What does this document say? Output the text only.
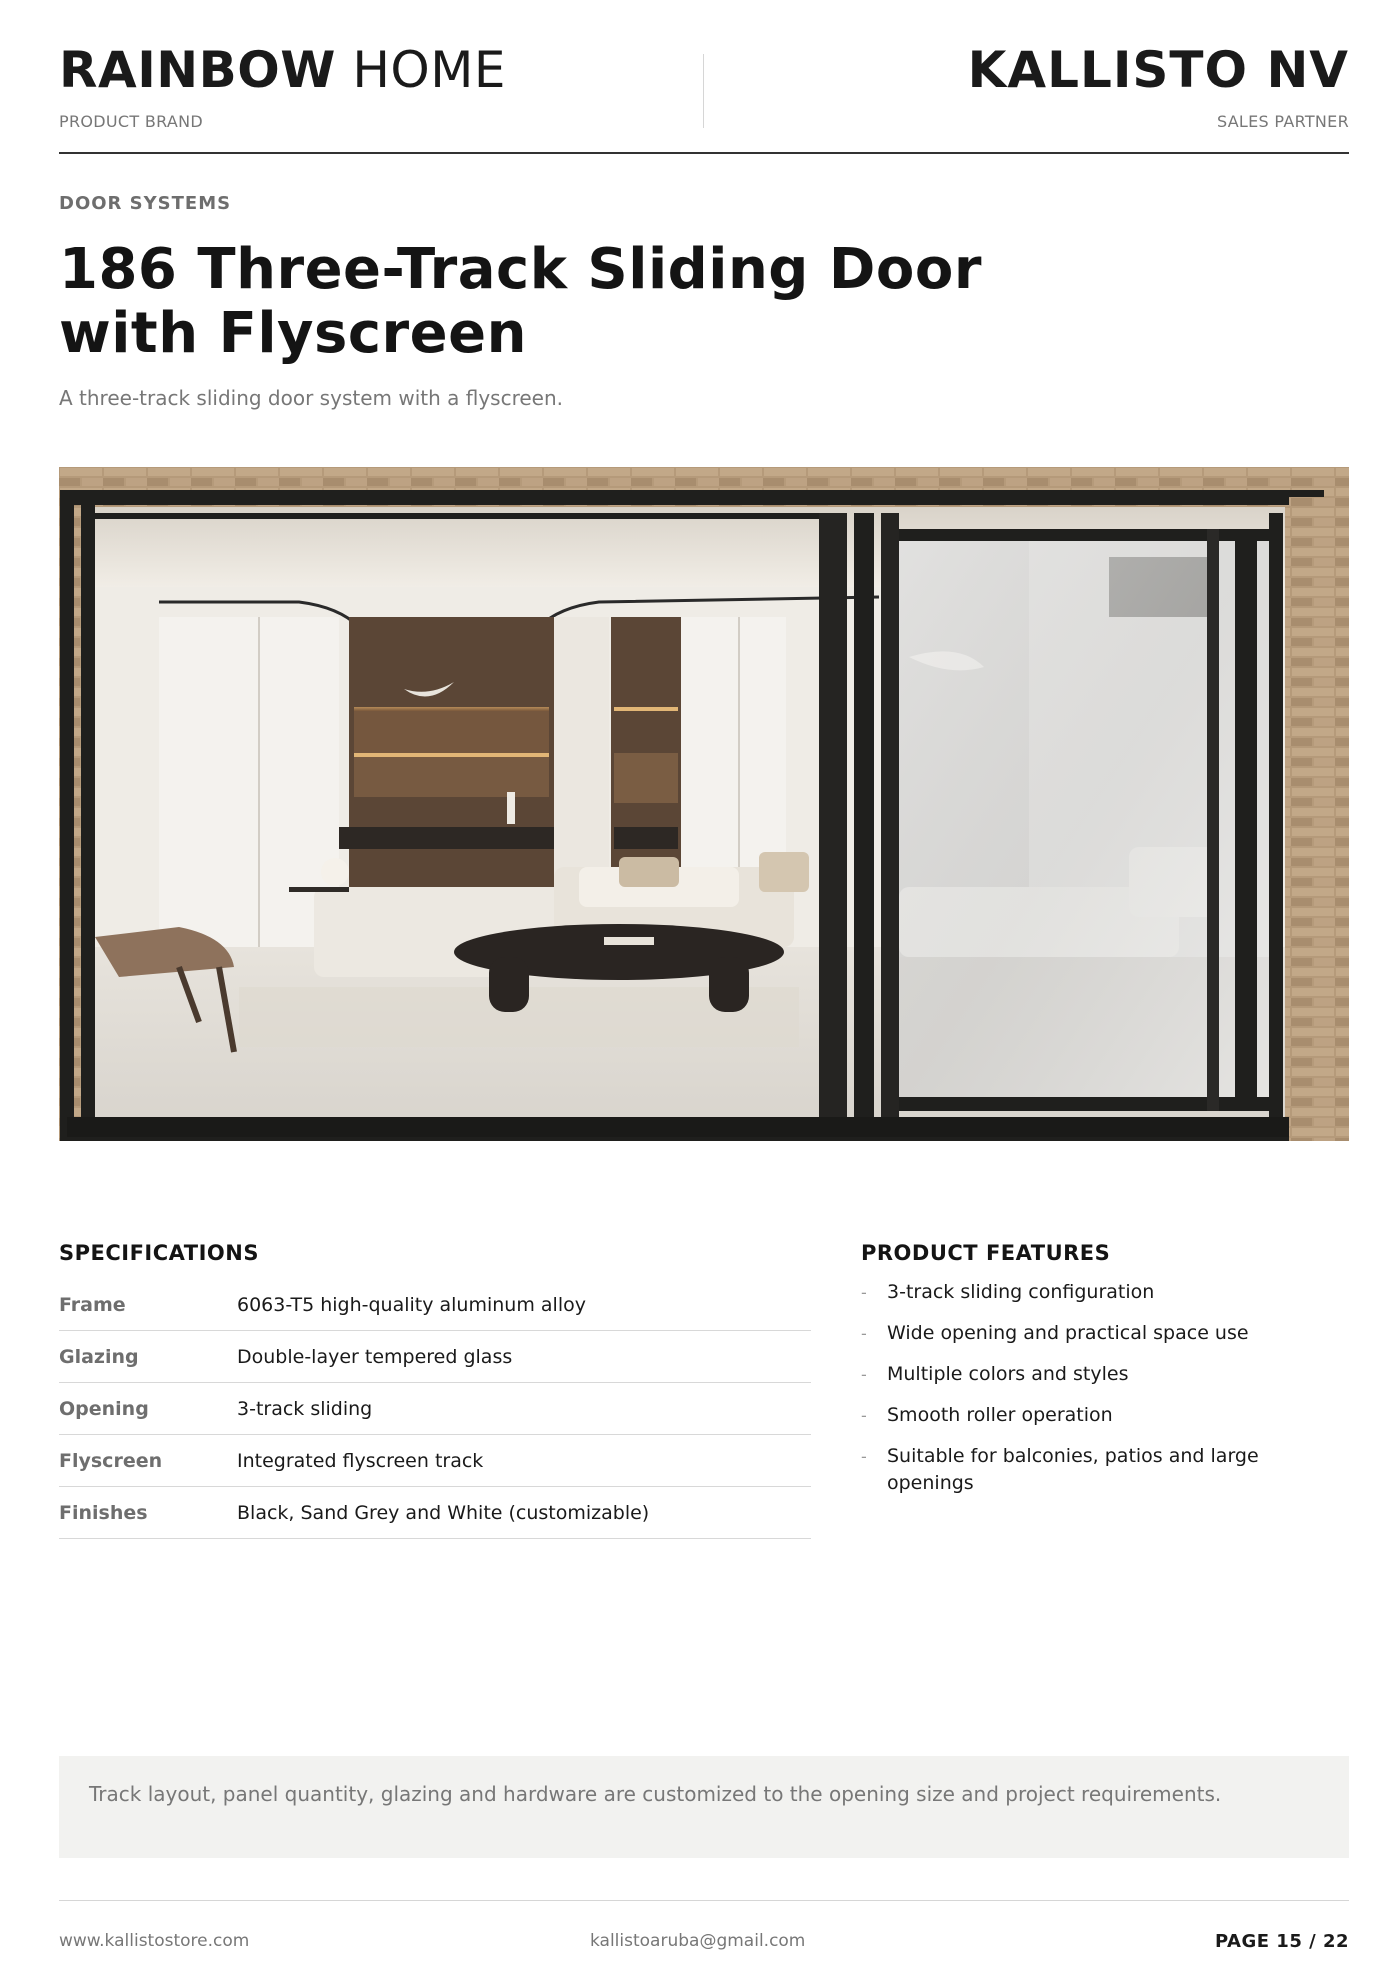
RAINBOW HOME
PRODUCT BRAND
KALLISTO NV
SALES PARTNER
DOOR SYSTEMS
186 Three-Track Sliding Door with Flyscreen

A three-track sliding door system with a flyscreen.

SPECIFICATIONS
Frame	6063-T5 high-quality aluminum alloy
Glazing	Double-layer tempered glass
Opening	3-track sliding
Flyscreen	Integrated flyscreen track
Finishes	Black, Sand Grey and White (customizable)
PRODUCT FEATURES
-	3-track sliding configuration
-	Wide opening and practical space use
-	Multiple colors and styles
-	Smooth roller operation
-	Suitable for balconies, patios and large openings
Track layout, panel quantity, glazing and hardware are customized to the opening size and project requirements.
www.kallistostore.com	kallistoaruba@gmail.com	PAGE 15 / 22
